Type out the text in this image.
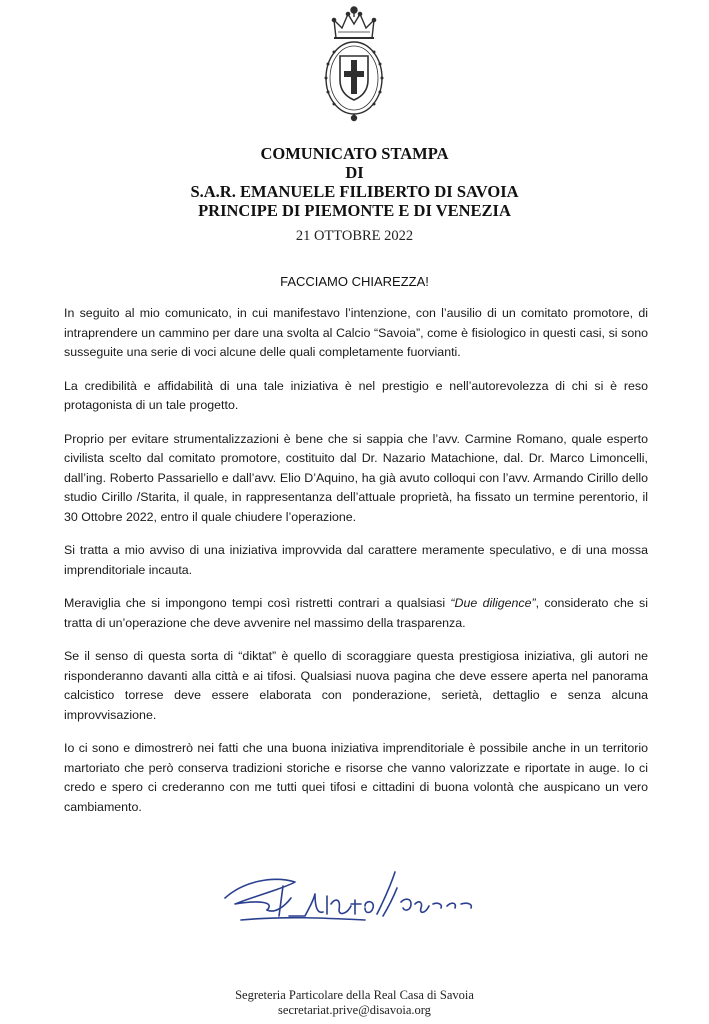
COMUNICATO STAMPA
DI
S.A.R. EMANUELE FILIBERTO DI SAVOIA
PRINCIPE DI PIEMONTE E DI VENEZIA
21 OTTOBRE 2022
FACCIAMO CHIAREZZA!

In seguito al mio comunicato, in cui manifestavo l’intenzione, con l’ausilio di un comitato promotore, di intraprendere un cammino per dare una svolta al Calcio “Savoia”, come è fisiologico in questi casi, si sono susseguite una serie di voci alcune delle quali completamente fuorvianti.

La credibilità e affidabilità di una tale iniziativa è nel prestigio e nell’autorevolezza di chi si è reso protagonista di un tale progetto.

Proprio per evitare strumentalizzazioni è bene che si sappia che l’avv. Carmine Romano, quale esperto civilista scelto dal comitato promotore, costituito dal Dr. Nazario Matachione, dal. Dr. Marco Limoncelli, dall’ing. Roberto Passariello e dall’avv. Elio D’Aquino, ha già avuto colloqui con l’avv. Armando Cirillo dello studio Cirillo /Starita, il quale, in rappresentanza dell’attuale proprietà, ha fissato un termine perentorio, il 30 Ottobre 2022, entro il quale chiudere l’operazione.

Si tratta a mio avviso di una iniziativa improvvida dal carattere meramente speculativo, e di una mossa imprenditoriale incauta.

Meraviglia che si impongono tempi così ristretti contrari a qualsiasi “Due diligence”, considerato che si tratta di un’operazione che deve avvenire nel massimo della trasparenza.

Se il senso di questa sorta di “diktat” è quello di scoraggiare questa prestigiosa iniziativa, gli autori ne risponderanno davanti alla città e ai tifosi. Qualsiasi nuova pagina che deve essere aperta nel panorama calcistico torrese deve essere elaborata con ponderazione, serietà, dettaglio e senza alcuna improvvisazione.

Io ci sono e dimostrerò nei fatti che una buona iniziativa imprenditoriale è possibile anche in un territorio martoriato che però conserva tradizioni storiche e risorse che vanno valorizzate e riportate in auge. Io ci credo e spero ci crederanno con me tutti quei tifosi e cittadini di buona volontà che auspicano un vero cambiamento.

Segreteria Particolare della Real Casa di Savoia
secretariat.prive@disavoia.org
